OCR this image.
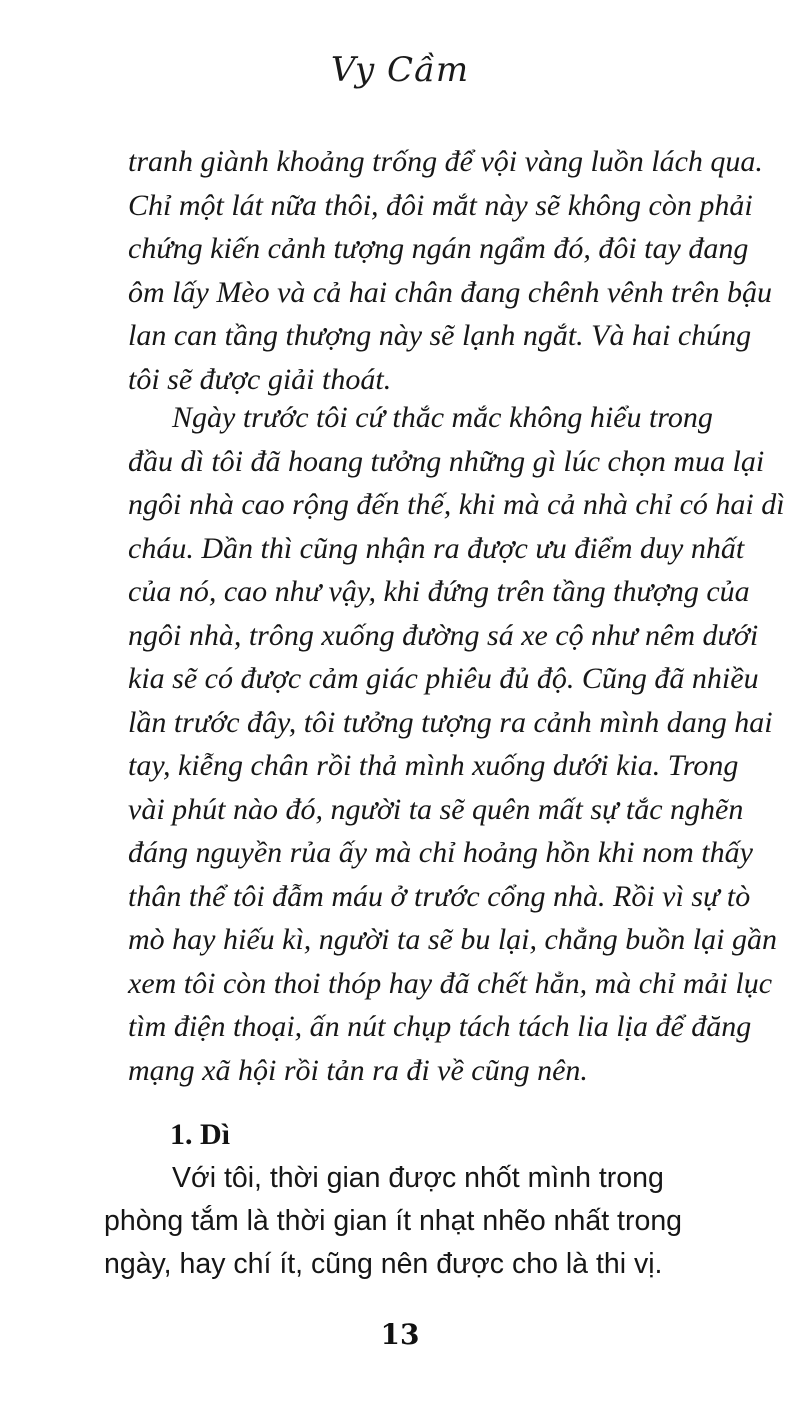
Vy Cầm
tranh giành khoảng trống để vội vàng luồn lách qua.
Chỉ một lát nữa thôi, đôi mắt này sẽ không còn phải
chứng kiến cảnh tượng ngán ngẩm đó, đôi tay đang
ôm lấy Mèo và cả hai chân đang chênh vênh trên bậu
lan can tầng thượng này sẽ lạnh ngắt. Và hai chúng
tôi sẽ được giải thoát.
Ngày trước tôi cứ thắc mắc không hiểu trong
đầu dì tôi đã hoang tưởng những gì lúc chọn mua lại
ngôi nhà cao rộng đến thế, khi mà cả nhà chỉ có hai dì
cháu. Dần thì cũng nhận ra được ưu điểm duy nhất
của nó, cao như vậy, khi đứng trên tầng thượng của
ngôi nhà, trông xuống đường sá xe cộ như nêm dưới
kia sẽ có được cảm giác phiêu đủ độ. Cũng đã nhiều
lần trước đây, tôi tưởng tượng ra cảnh mình dang hai
tay, kiễng chân rồi thả mình xuống dưới kia. Trong
vài phút nào đó, người ta sẽ quên mất sự tắc nghẽn
đáng nguyền rủa ấy mà chỉ hoảng hồn khi nom thấy
thân thể tôi đẫm máu ở trước cổng nhà. Rồi vì sự tò
mò hay hiếu kì, người ta sẽ bu lại, chẳng buồn lại gần
xem tôi còn thoi thóp hay đã chết hẳn, mà chỉ mải lục
tìm điện thoại, ấn nút chụp tách tách lia lịa để đăng
mạng xã hội rồi tản ra đi về cũng nên.
1. Dì
Với tôi, thời gian được nhốt mình trong
phòng tắm là thời gian ít nhạt nhẽo nhất trong
ngày, hay chí ít, cũng nên được cho là thi vị.
13
